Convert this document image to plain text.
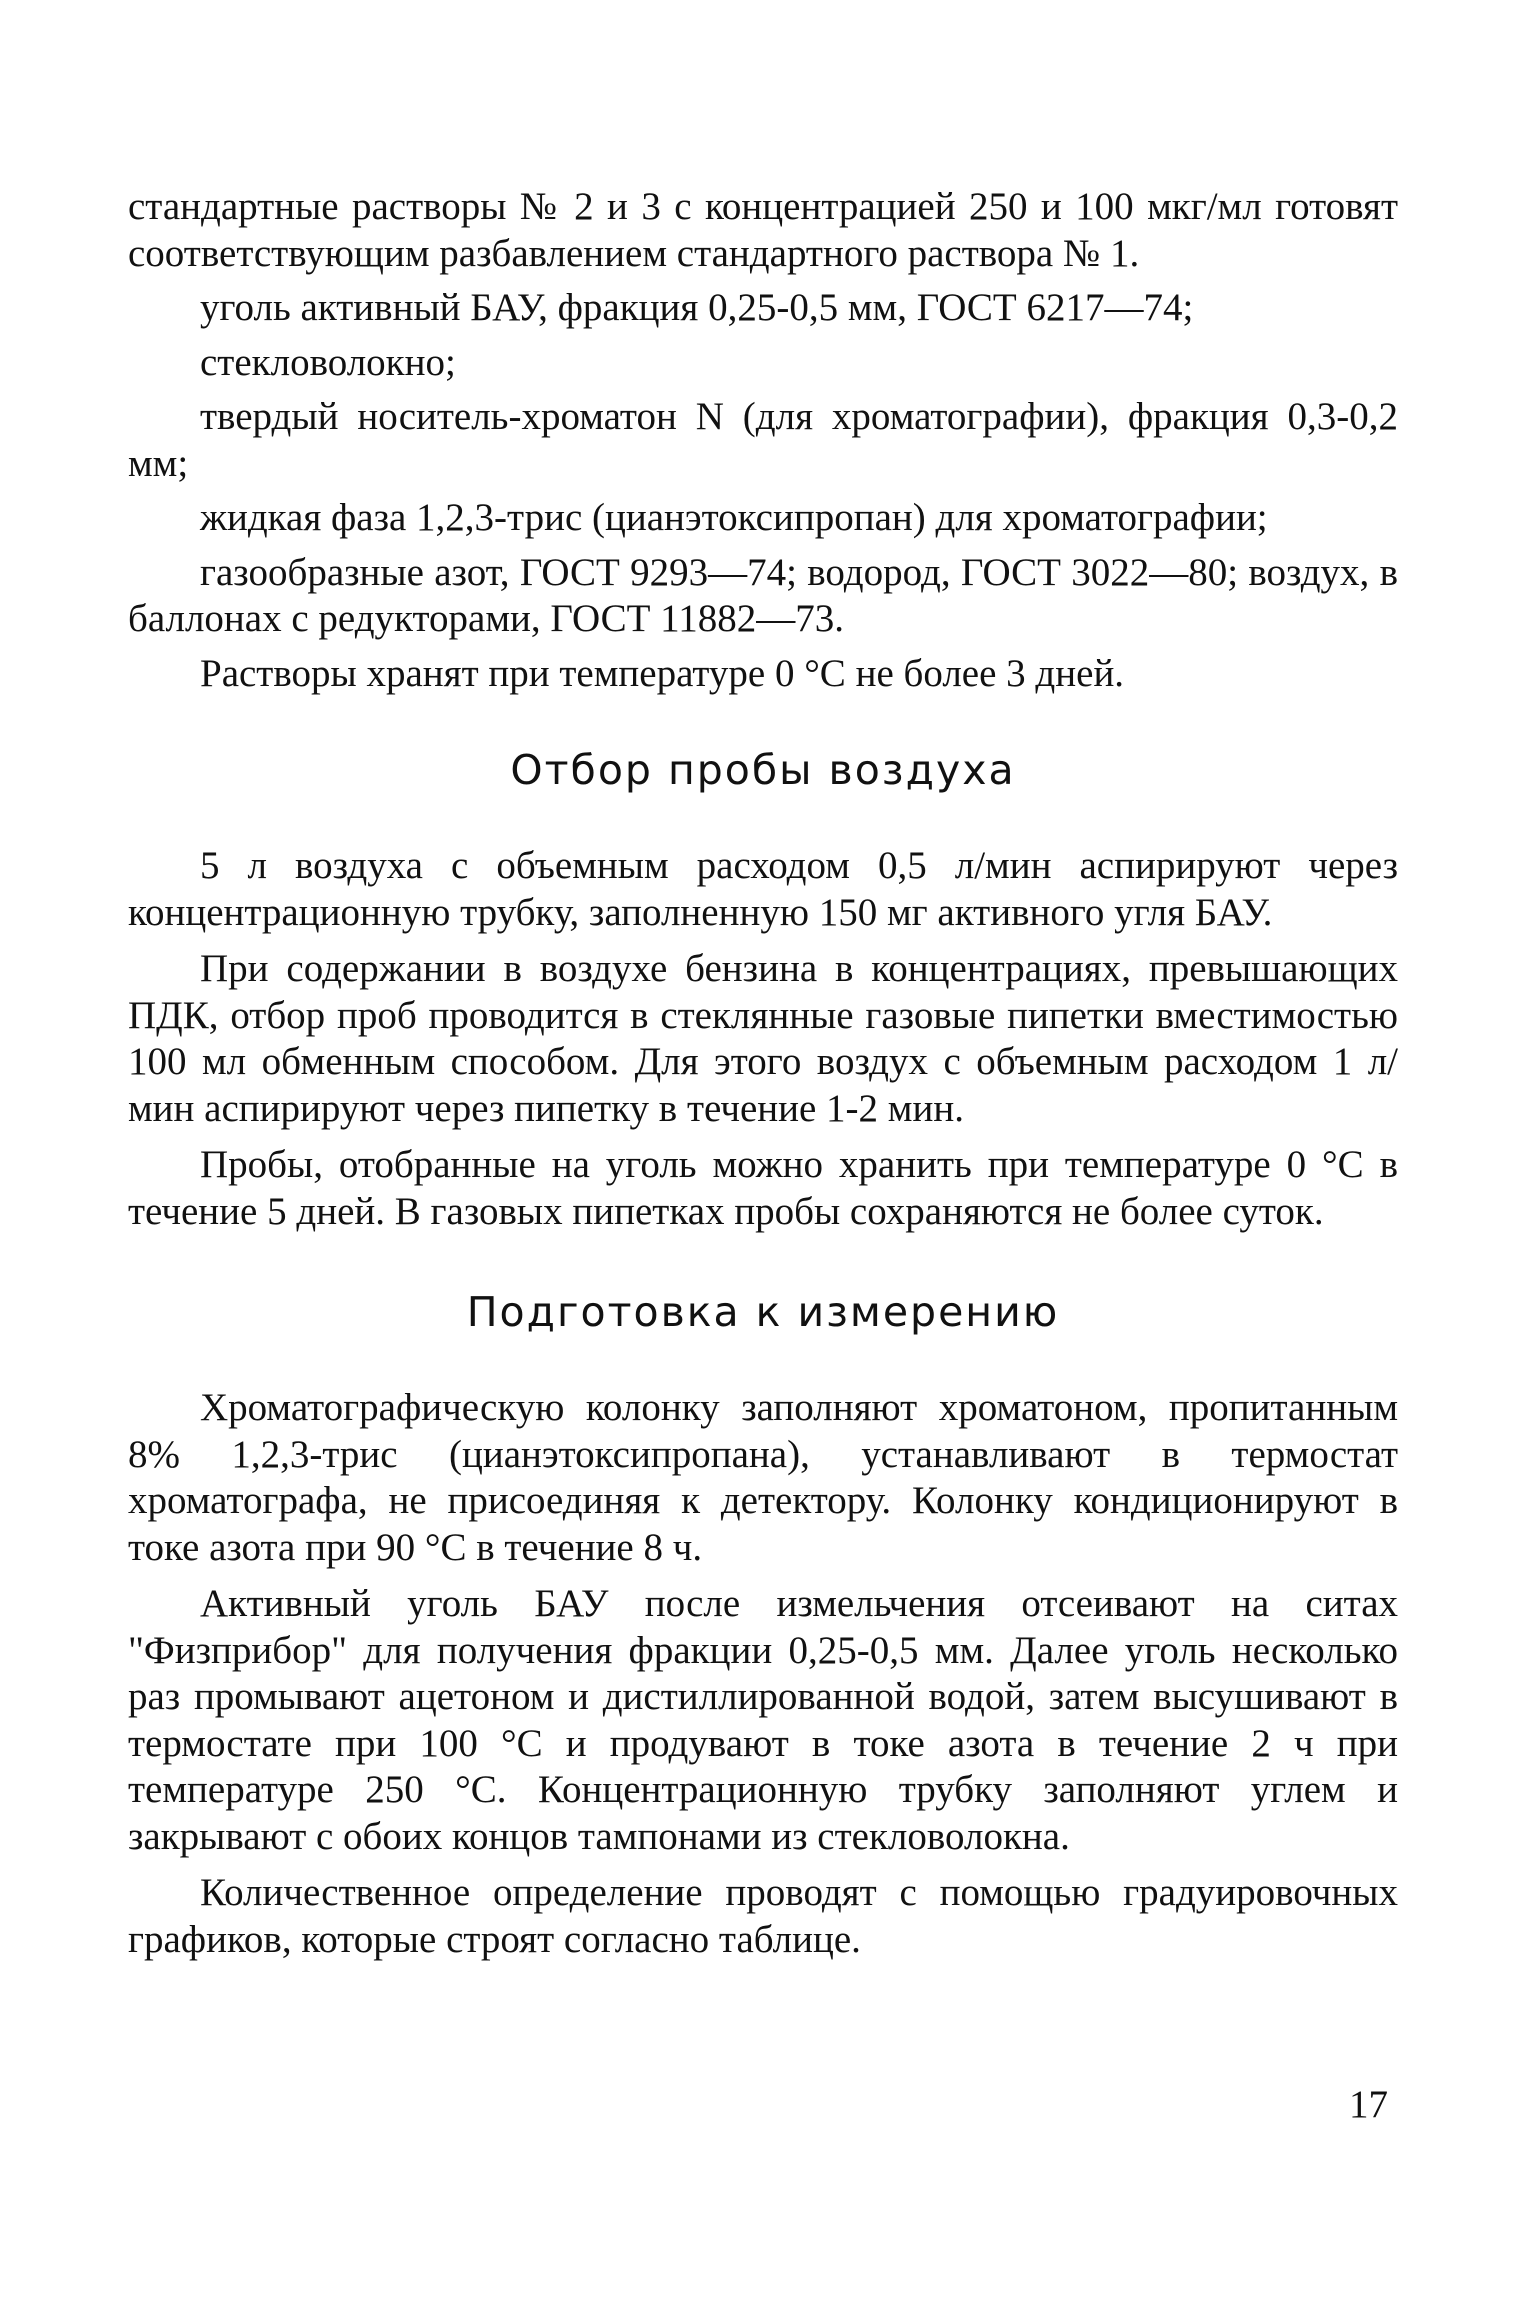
стандартные растворы № 2 и 3 с концентрацией 250 и 100 мкг/мл готовят соответствующим разбавлением стандартного раствора № 1.

уголь активный БАУ, фракция 0,25-0,5 мм, ГОСТ 6217—74;

стекловолокно;

твердый носитель-хроматон N (для хроматографии), фракция 0,3-0,2 мм;

жидкая фаза 1,2,3-трис (цианэтоксипропан) для хроматографии;

газообразные азот, ГОСТ 9293—74; водород, ГОСТ 3022—80; воздух, в баллонах с редукторами, ГОСТ 11882—73.

Растворы хранят при температуре 0 °С не более 3 дней.

Отбор пробы воздуха

5 л воздуха с объемным расходом 0,5 л/мин аспирируют через концентрационную трубку, заполненную 150 мг активного угля БАУ.

При содержании в воздухе бензина в концентрациях, превышающих ПДК, отбор проб проводится в стеклянные газовые пипетки вместимостью 100 мл обменным способом. Для этого воздух с объемным расходом 1 л/мин аспирируют через пипетку в течение 1-2 мин.

Пробы, отобранные на уголь можно хранить при температуре 0 °С в течение 5 дней. В газовых пипетках пробы сохраняются не более суток.

Подготовка к измерению

Хроматографическую колонку заполняют хроматоном, пропитанным 8% 1,2,3-трис (цианэтоксипропана), устанавливают в термостат хроматографа, не присоединяя к детектору. Колонку кондиционируют в токе азота при 90 °С в течение 8 ч.

Активный уголь БАУ после измельчения отсеивают на ситах "Физприбор" для получения фракции 0,25-0,5 мм. Далее уголь несколько раз промывают ацетоном и дистиллированной водой, затем высушивают в термостате при 100 °С и продувают в токе азота в течение 2 ч при температуре 250 °С. Концентрационную трубку заполняют углем и закрывают с обоих концов тампонами из стекловолокна.

Количественное определение проводят с помощью градуировочных графиков, которые строят согласно таблице.

17
